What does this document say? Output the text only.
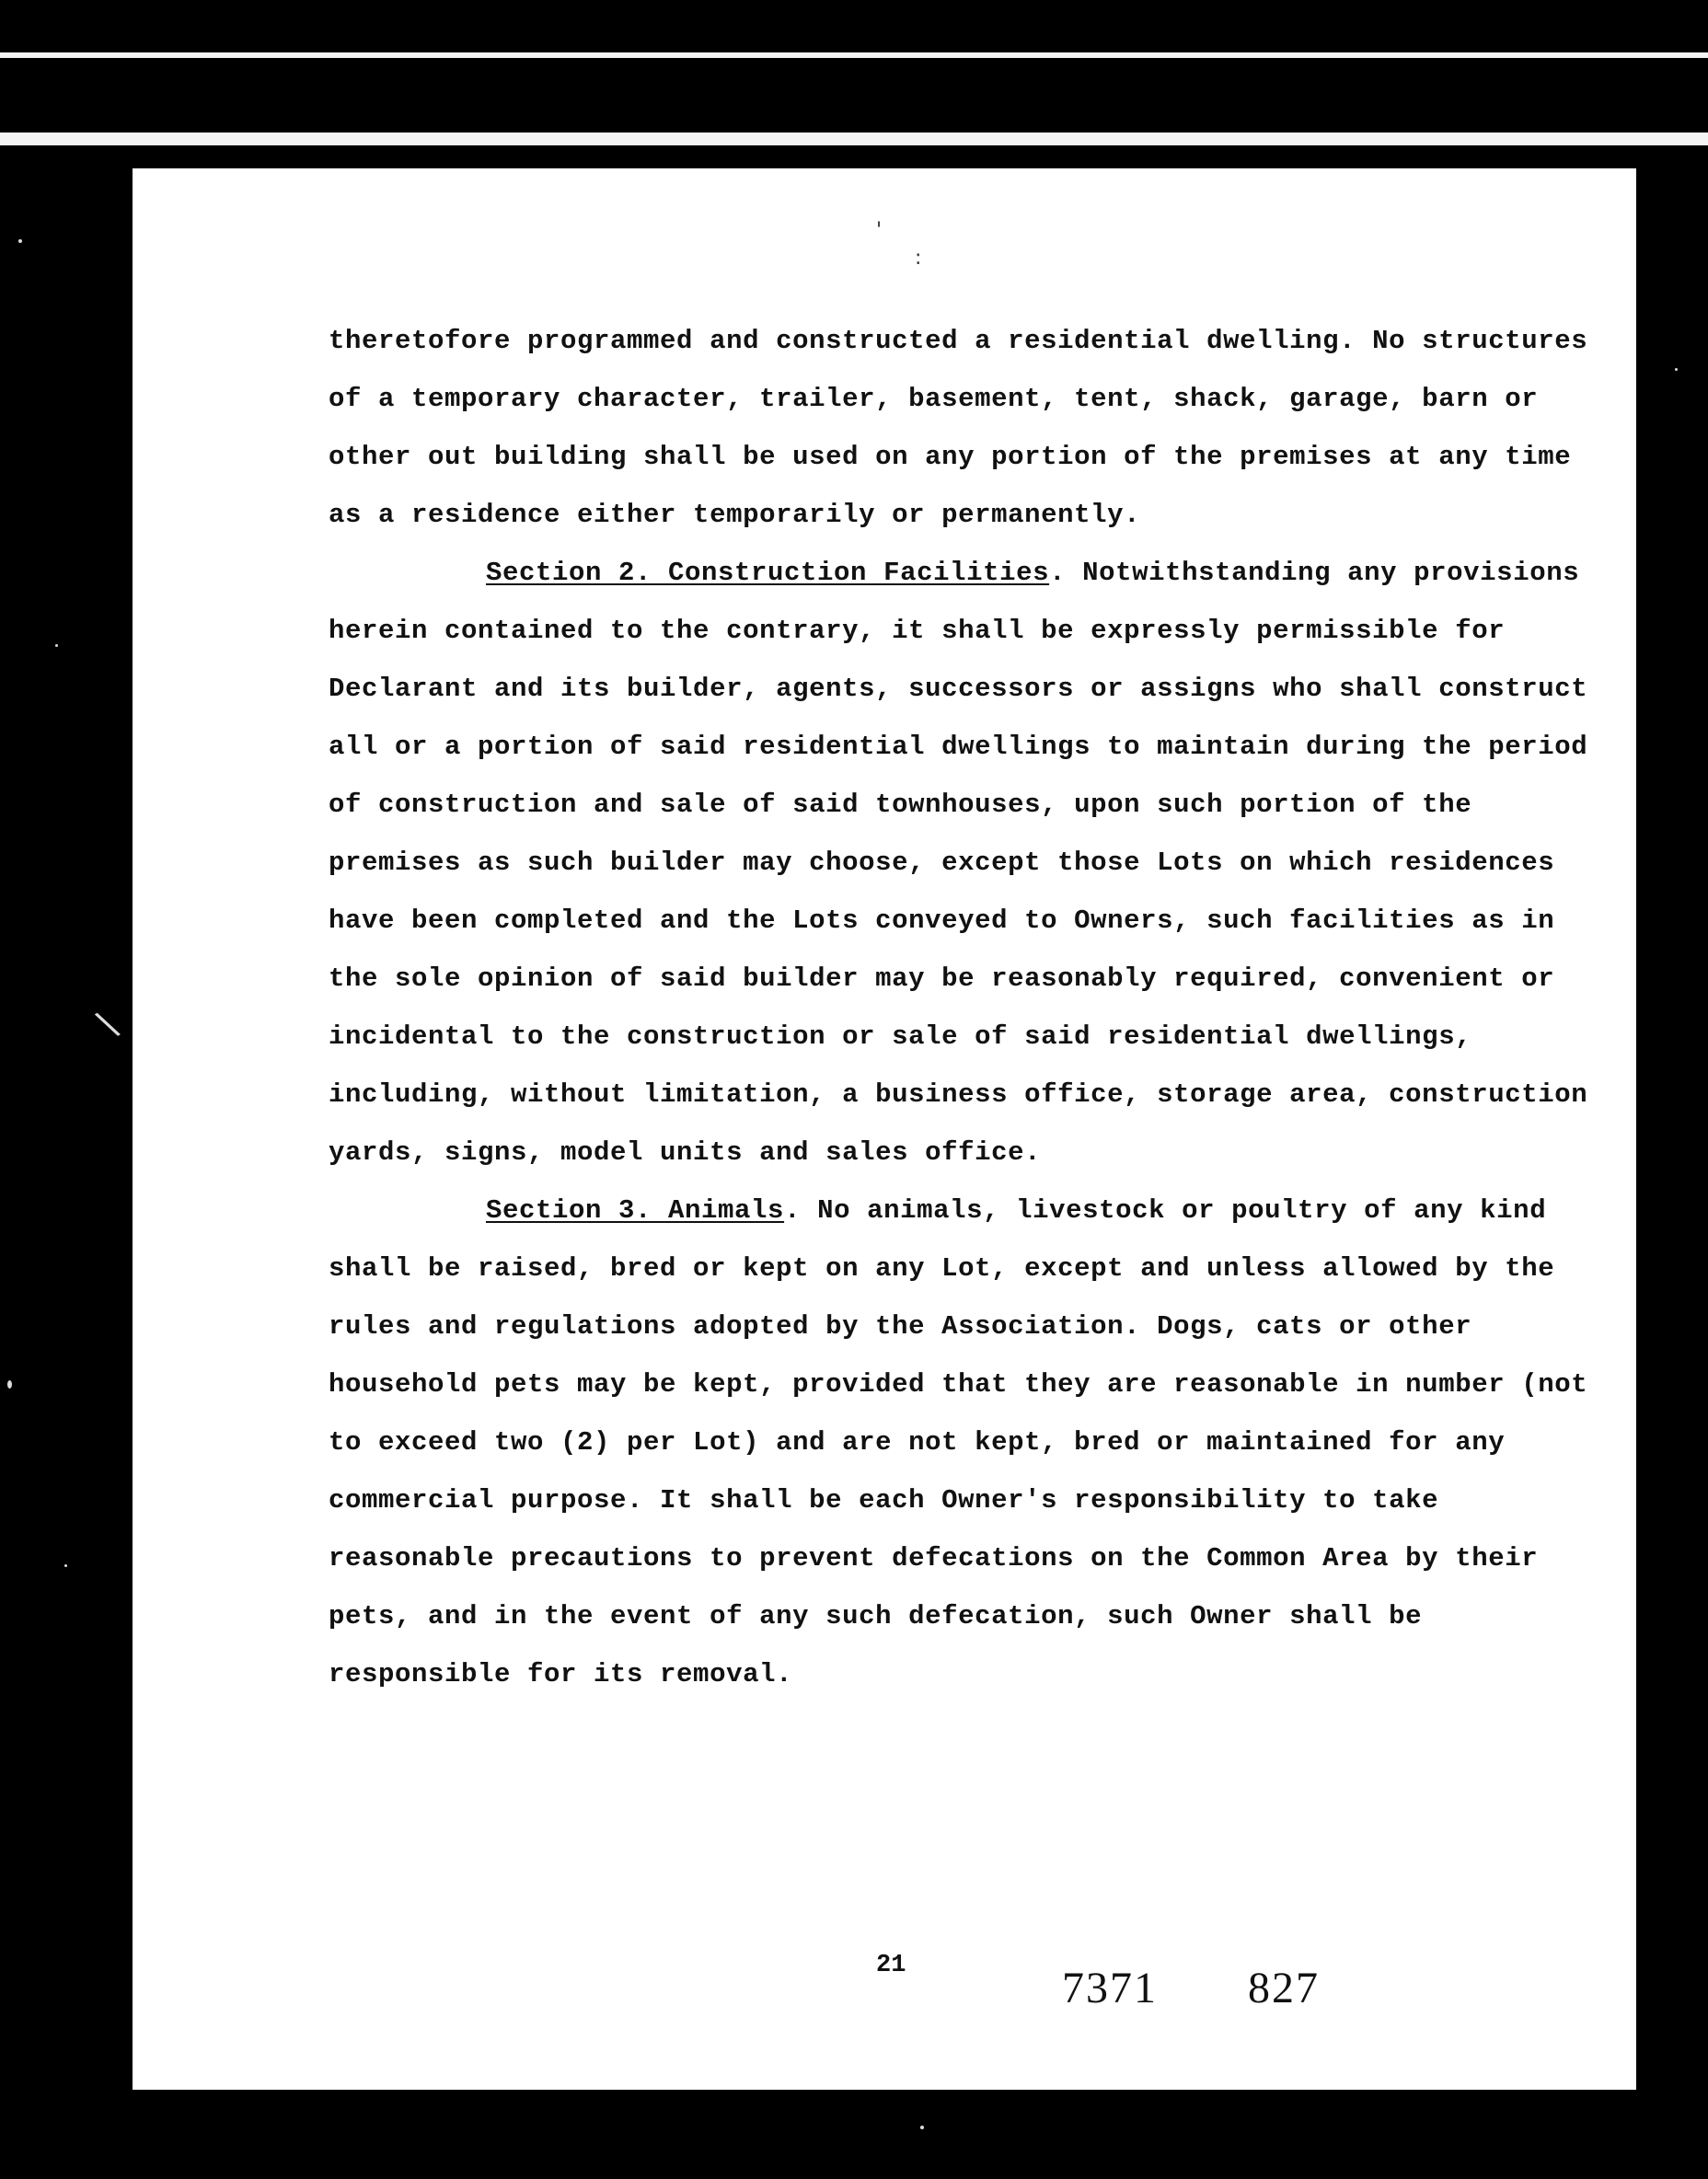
\
'
:

theretofore programmed and constructed a residential dwelling. No structures of a temporary character, trailer, basement, tent, shack, garage, barn or other out building shall be used on any portion of the premises at any time as a residence either temporarily or permanently.

Section 2. Construction Facilities. Notwithstanding any provisions herein contained to the contrary, it shall be expressly permissible for Declarant and its builder, agents, successors or assigns who shall construct all or a portion of said residential dwellings to maintain during the period of construction and sale of said townhouses, upon such portion of the premises as such builder may choose, except those Lots on which residences have been completed and the Lots conveyed to Owners, such facilities as in the sole opinion of said builder may be reasonably required, convenient or incidental to the construction or sale of said residential dwellings, including, without limitation, a business office, storage area, construction yards, signs, model units and sales office.

Section 3. Animals. No animals, livestock or poultry of any kind shall be raised, bred or kept on any Lot, except and unless allowed by the rules and regulations adopted by the Association. Dogs, cats or other household pets may be kept, provided that they are reasonable in number (not to exceed two (2) per Lot) and are not kept, bred or maintained for any commercial purpose. It shall be each Owner's responsibility to take reasonable precautions to prevent defecations on the Common Area by their pets, and in the event of any such defecation, such Owner shall be responsible for its removal.

21	7371 827
